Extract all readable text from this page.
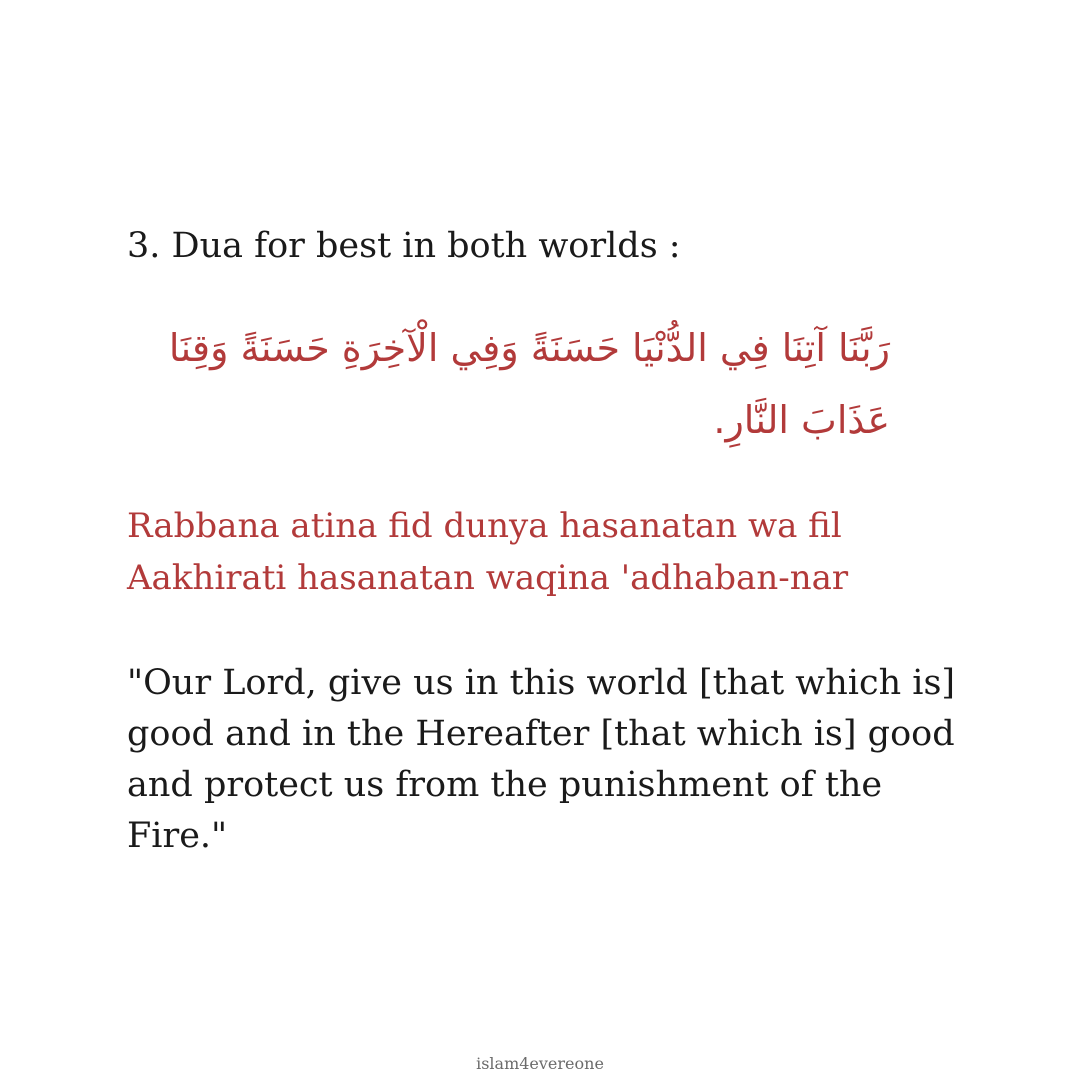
3. Dua for best in both worlds :
رَبَّنَا آتِنَا فِي الدُّنْيَا حَسَنَةً وَفِي الْآخِرَةِ حَسَنَةً وَقِنَا عَذَابَ النَّارِ.
Rabbana atina fid dunya hasanatan wa fil Aakhirati hasanatan waqina 'adhaban-nar
"Our Lord, give us in this world [that which is] good and in the Hereafter [that which is] good and protect us from the punishment of the Fire."
islam4evereone
